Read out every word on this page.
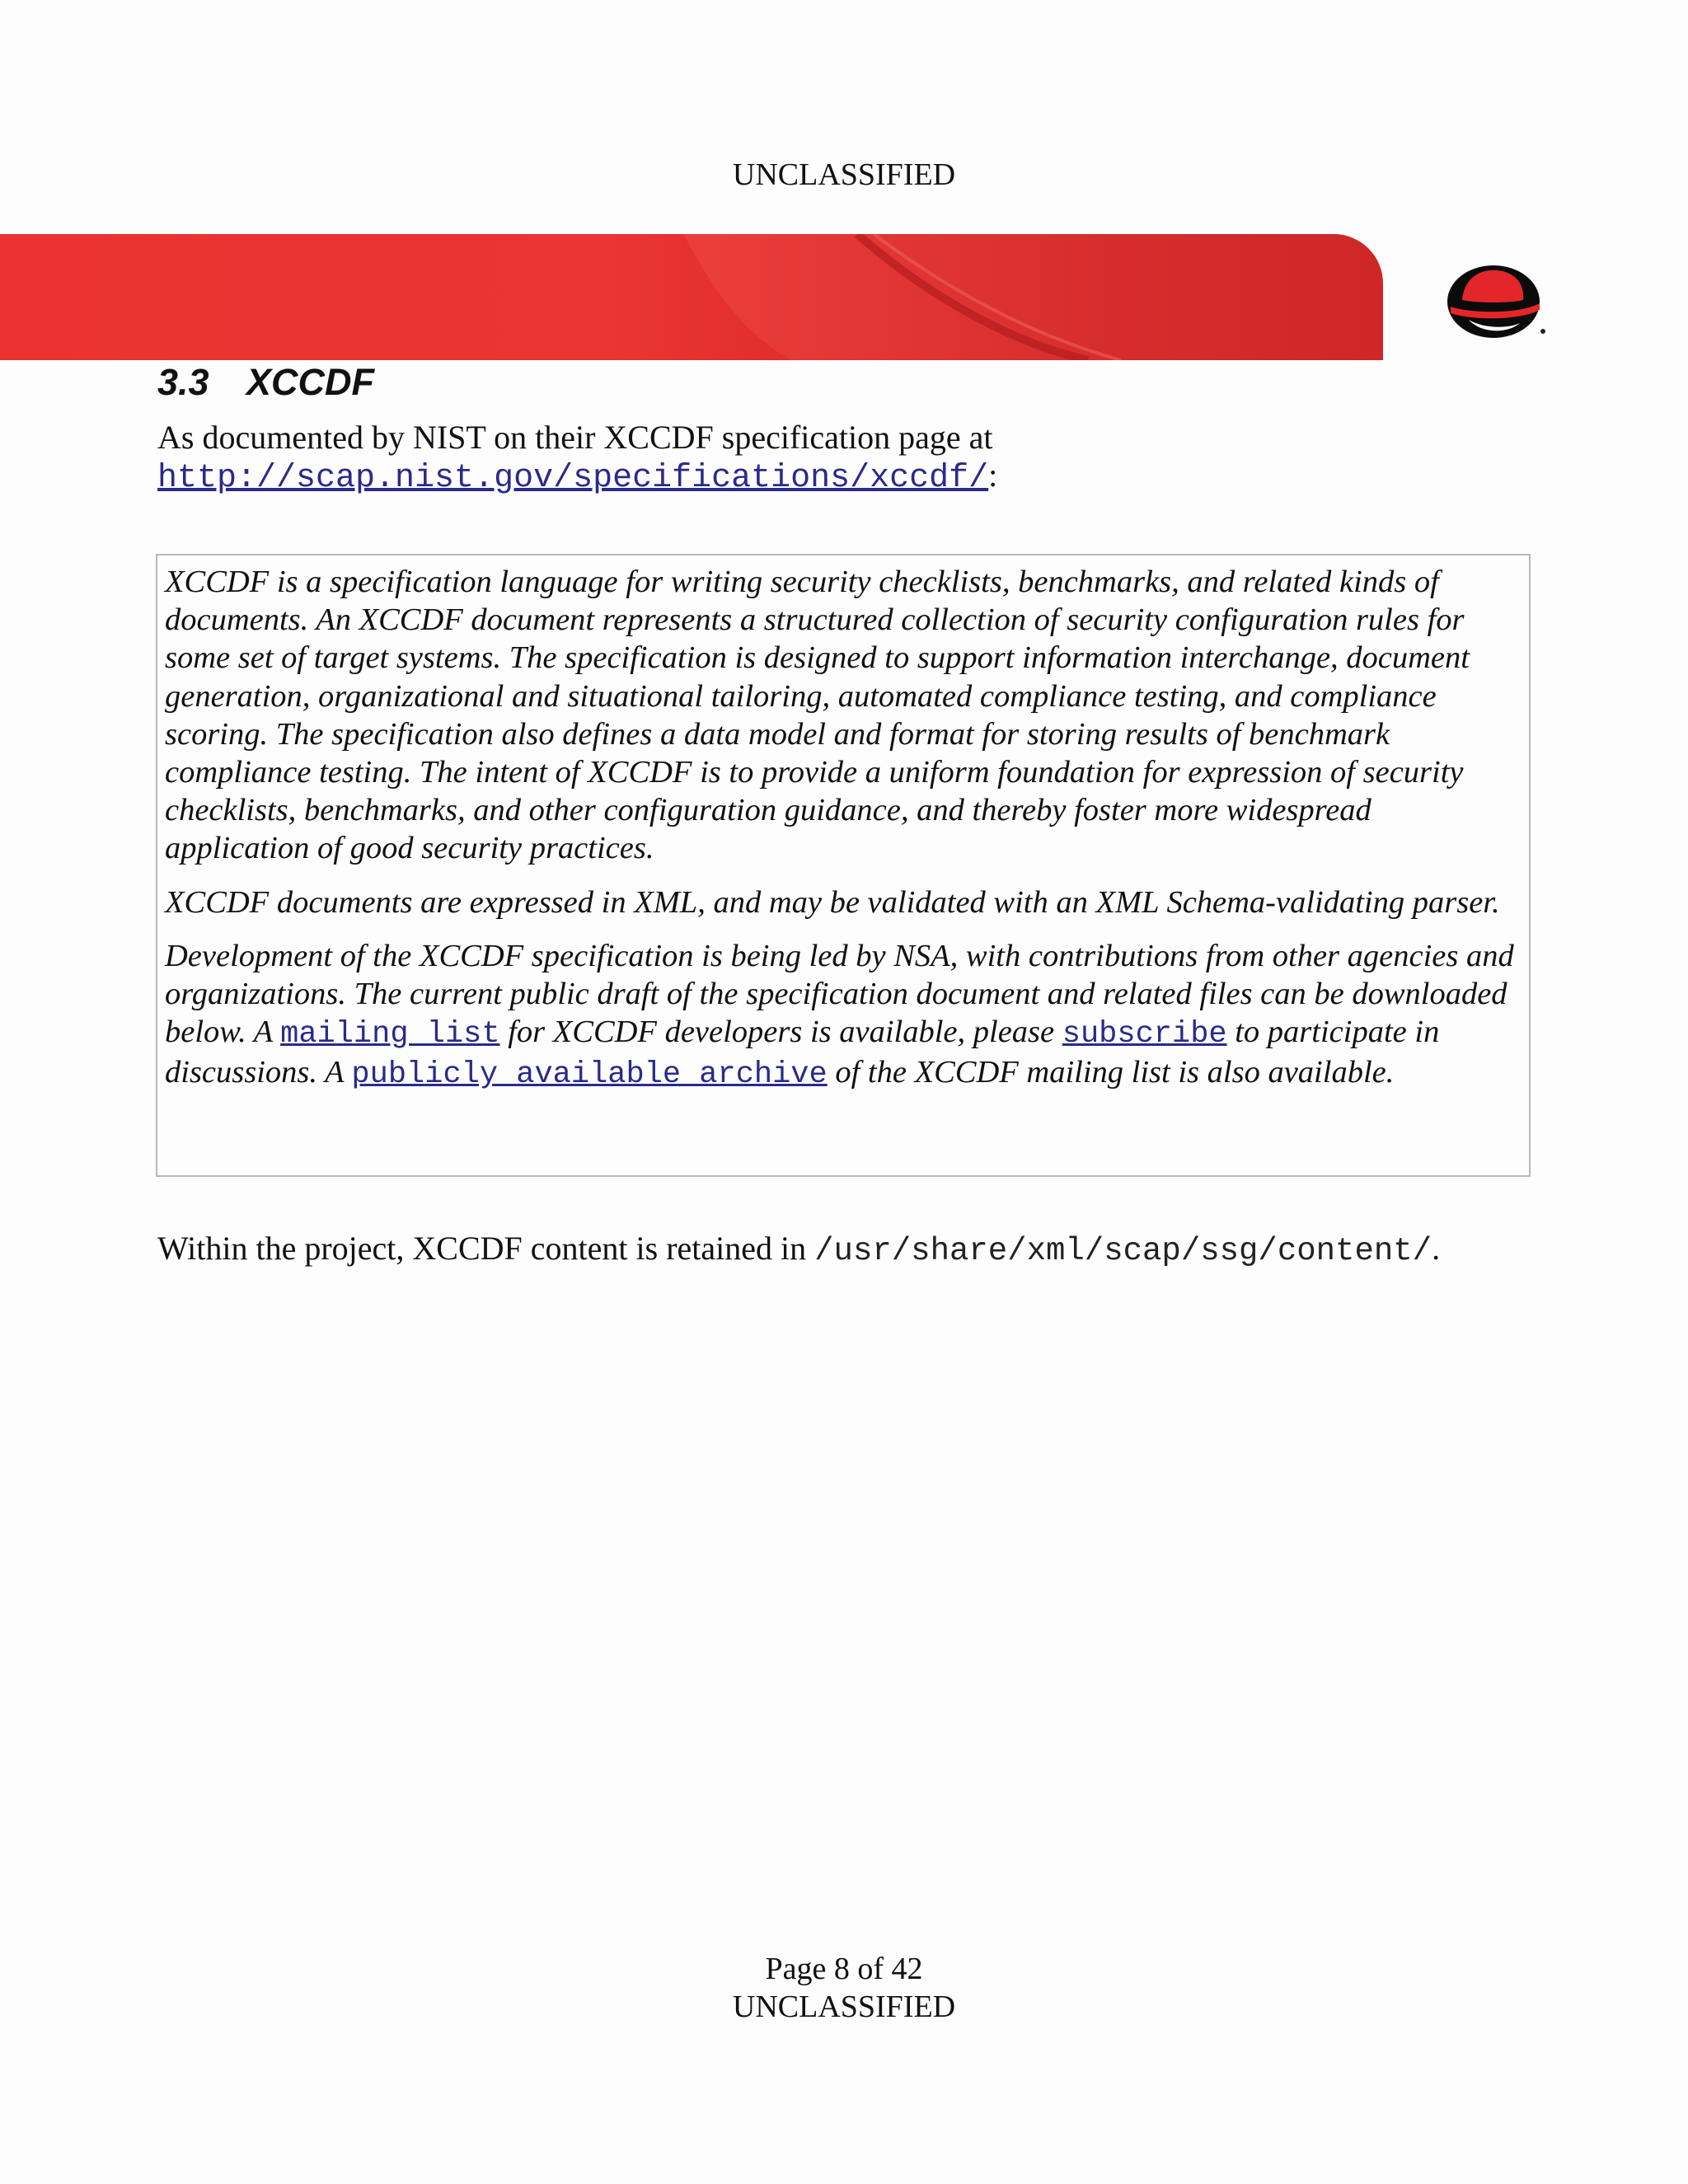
UNCLASSIFIED
3.3 XCCDF
As documented by NIST on their XCCDF specification page at
http://scap.nist.gov/specifications/xccdf/:

XCCDF is a specification language for writing security checklists, benchmarks, and related kinds of documents. An XCCDF document represents a structured collection of security configuration rules for some set of target systems. The specification is designed to support information interchange, document generation, organizational and situational tailoring, automated compliance testing, and compliance scoring. The specification also defines a data model and format for storing results of benchmark compliance testing. The intent of XCCDF is to provide a uniform foundation for expression of security checklists, benchmarks, and other configuration guidance, and thereby foster more widespread application of good security practices.

XCCDF documents are expressed in XML, and may be validated with an XML Schema-validating parser.

Development of the XCCDF specification is being led by NSA, with contributions from other agencies and organizations. The current public draft of the specification document and related files can be downloaded below. A mailing list for XCCDF developers is available, please subscribe to participate in discussions. A publicly available archive of the XCCDF mailing list is also available.

Within the project, XCCDF content is retained in /usr/share/xml/scap/ssg/content/.
Page 8 of 42
UNCLASSIFIED
